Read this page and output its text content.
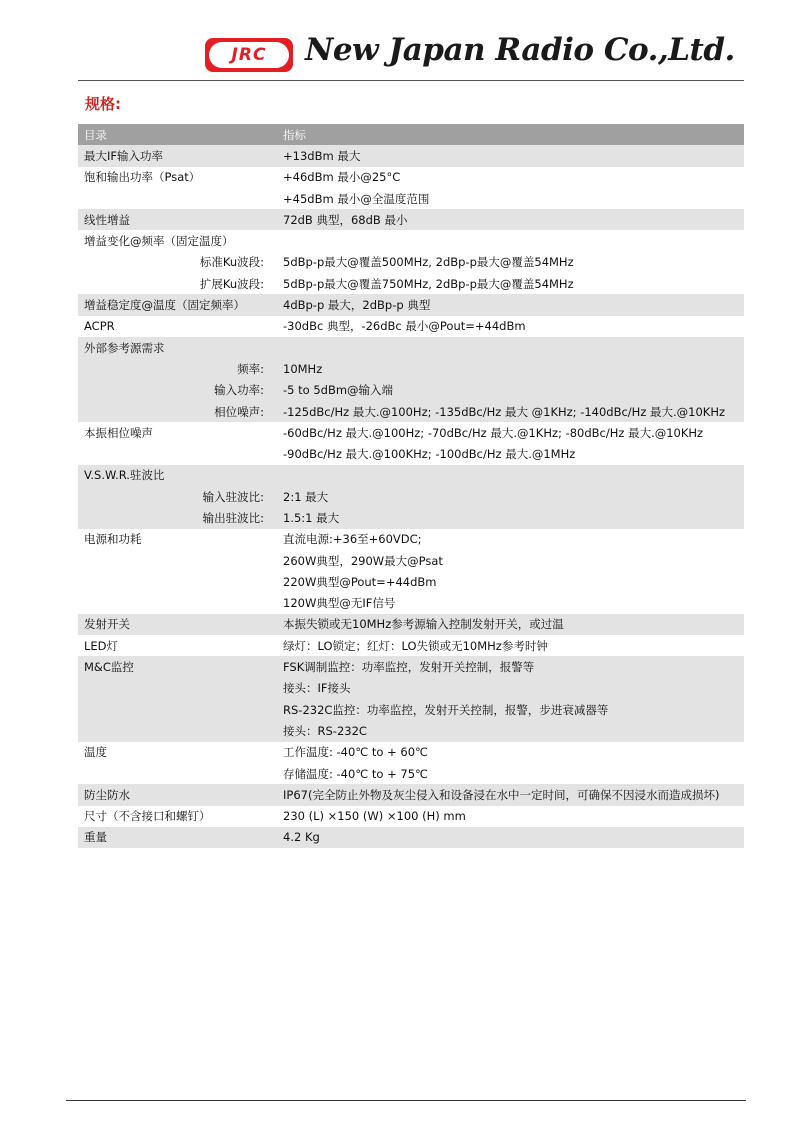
JRC New Japan Radio Co.,Ltd.
规格:
目录	指标
最大IF输入功率	+13dBm 最大
饱和输出功率（Psat）	+46dBm 最小@25°C
	+45dBm 最小@全温度范围
线性增益	72dB 典型，68dB 最小
增益变化@频率（固定温度）	
标准Ku波段:	5dBp-p最大@覆盖500MHz, 2dBp-p最大@覆盖54MHz
扩展Ku波段:	5dBp-p最大@覆盖750MHz, 2dBp-p最大@覆盖54MHz
增益稳定度@温度（固定频率）	4dBp-p 最大，2dBp-p 典型
ACPR	-30dBc 典型，-26dBc 最小@Pout=+44dBm
外部参考源需求	
频率:	10MHz
输入功率:	-5 to 5dBm@输入端
相位噪声:	-125dBc/Hz 最大.@100Hz; -135dBc/Hz 最大 @1KHz; -140dBc/Hz 最大.@10KHz
本振相位噪声	-60dBc/Hz 最大.@100Hz; -70dBc/Hz 最大.@1KHz; -80dBc/Hz 最大.@10KHz
	-90dBc/Hz 最大.@100KHz; -100dBc/Hz 最大.@1MHz
V.S.W.R.驻波比	
输入驻波比:	2:1 最大
输出驻波比:	1.5:1 最大
电源和功耗	直流电源:+36至+60VDC;
	260W典型，290W最大@Psat
	220W典型@Pout=+44dBm
	120W典型@无IF信号
发射开关	本振失锁或无10MHz参考源输入控制发射开关，或过温
LED灯	绿灯：LO锁定；红灯：LO失锁或无10MHz参考时钟
M&C监控	FSK调制监控：功率监控，发射开关控制，报警等
	接头：IF接头
	RS-232C监控：功率监控，发射开关控制，报警，步进衰减器等
	接头：RS-232C
温度	工作温度: -40℃ to + 60℃
	存储温度: -40℃ to + 75℃
防尘防水	IP67(完全防止外物及灰尘侵入和设备浸在水中一定时间，可确保不因浸水而造成损坏)
尺寸（不含接口和螺钉）	230 (L) ×150 (W) ×100 (H) mm
重量	4.2 Kg
